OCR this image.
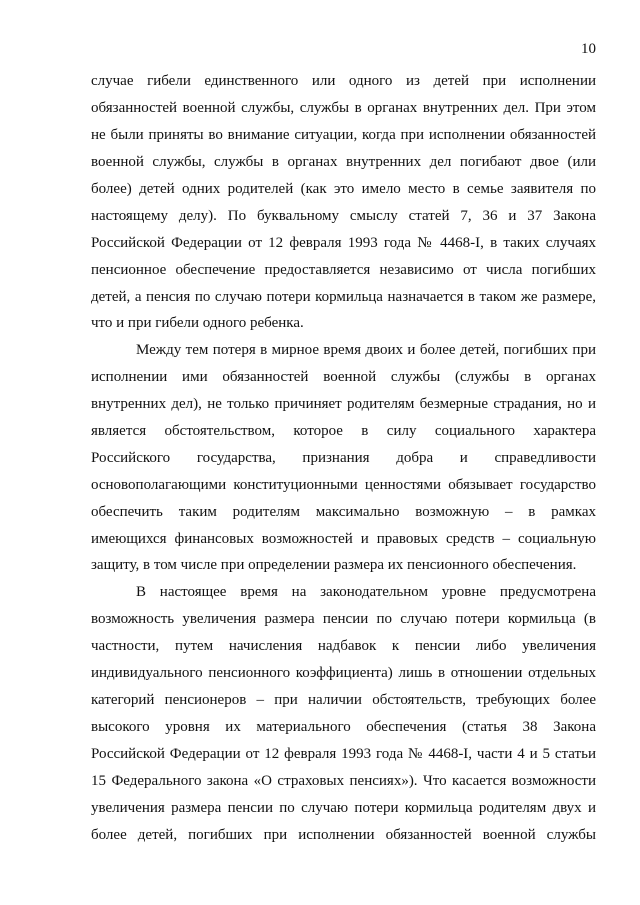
10
случае гибели единственного или одного из детей при исполнении
обязанностей военной службы, службы в органах внутренних дел. При этом
не были приняты во внимание ситуации, когда при исполнении обязанностей
военной службы, службы в органах внутренних дел погибают двое (или
более) детей одних родителей (как это имело место в семье заявителя по
настоящему делу). По буквальному смыслу статей 7, 36 и 37 Закона
Российской Федерации от 12 февраля 1993 года № 4468-I, в таких случаях
пенсионное обеспечение предоставляется независимо от числа погибших
детей, а пенсия по случаю потери кормильца назначается в таком же размере,
что и при гибели одного ребенка.
Между тем потеря в мирное время двоих и более детей, погибших при
исполнении ими обязанностей военной службы (службы в органах
внутренних дел), не только причиняет родителям безмерные страдания, но и
является обстоятельством, которое в силу социального характера
Российского государства, признания добра и справедливости
основополагающими конституционными ценностями обязывает государство
обеспечить таким родителям максимально возможную – в рамках
имеющихся финансовых возможностей и правовых средств – социальную
защиту, в том числе при определении размера их пенсионного обеспечения.
В настоящее время на законодательном уровне предусмотрена
возможность увеличения размера пенсии по случаю потери кормильца (в
частности, путем начисления надбавок к пенсии либо увеличения
индивидуального пенсионного коэффициента) лишь в отношении отдельных
категорий пенсионеров – при наличии обстоятельств, требующих более
высокого уровня их материального обеспечения (статья 38 Закона
Российской Федерации от 12 февраля 1993 года № 4468-I, части 4 и 5 статьи
15 Федерального закона «О страховых пенсиях»). Что касается возможности
увеличения размера пенсии по случаю потери кормильца родителям двух и
более детей, погибших при исполнении обязанностей военной службы
